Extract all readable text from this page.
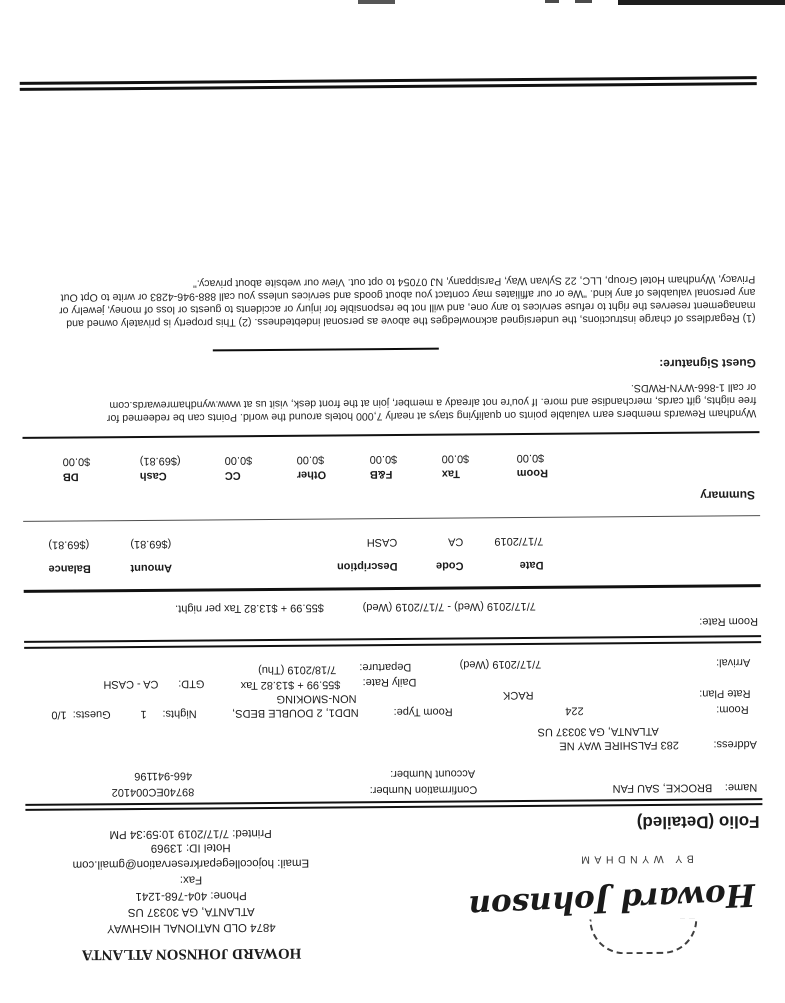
Howard Johnson
BY WYNDHAM
HOWARD JOHNSON ATLANTA
4874 OLD NATIONAL HIGHWAY
ATLANTA, GA 30337 US
Phone: 404-768-1241
Fax:
Email: hojocollegeparkreservation@gmail.com
Hotel ID: 13969
Printed: 7/17/2019 10:59:34 PM
Folio (Detailed)
Name:
BROCKE, SAU FAN
Confirmation Number:
89740EC004102
Account Number:
466-941196
Address:
283 FALSHIRE WAY NE
ATLANTA, GA 30337 US
Room:
224
Room Type:
NDD1, 2 DOUBLE BEDS,
Nights:
1
Guests:
1/0
Rate Plan:
RACK
NON-SMOKING
Daily Rate:
$55.99 + $13.82 Tax
GTD:
CA - CASH
Arrival:
7/17/2019 (Wed)
Departure:
7/18/2019 (Thu)
Room Rate:
7/17/2019 (Wed) - 7/17/2019 (Wed)
$55.99 + $13.82 Tax per night.
Date
Code
Description
Amount
Balance
7/17/2019
CA
CASH
($69.81)
($69.81)
Summary
Room
$0.00
Tax
$0.00
F&B
$0.00
Other
$0.00
CC
$0.00
Cash
($69.81)
DB
$0.00
Wyndham Rewards members earn valuable points on qualifying stays at nearly 7,000 hotels around the world. Points can be redeemed for
free nights, gift cards, merchandise and more. If you're not already a member, join at the front desk, visit us at www.wyndhamrewards.com
or call 1-866-WYN-RWDS.
Guest Signature:
(1) Regardless of charge instructions, the undersigned acknowledges the above as personal indebtedness. (2) This property is privately owned and
management reserves the right to refuse services to any one, and will not be responsible for injury or accidents to guests or loss of money, jewelry or
any personal valuables of any kind. "We or our affiliates may contact you about goods and services unless you call 888-946-4283 or write to Opt Out
Privacy, Wyndham Hotel Group, LLC, 22 Sylvan Way, Parsippany, NJ 07054 to opt out. View our website about privacy."
